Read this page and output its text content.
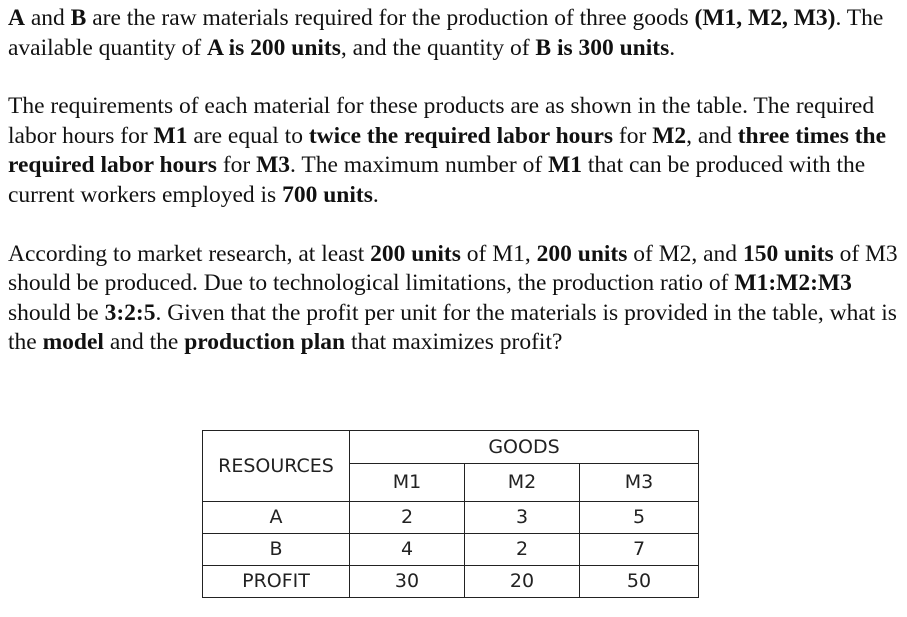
A and B are the raw materials required for the production of three goods (M1, M2, M3). The available quantity of A is 200 units, and the quantity of B is 300 units.

The requirements of each material for these products are as shown in the table. The required labor hours for M1 are equal to twice the required labor hours for M2, and three times the required labor hours for M3. The maximum number of M1 that can be produced with the current workers employed is 700 units.

According to market research, at least 200 units of M1, 200 units of M2, and 150 units of M3 should be produced. Due to technological limitations, the production ratio of M1:M2:M3 should be 3:2:5. Given that the profit per unit for the materials is provided in the table, what is the model and the production plan that maximizes profit?

RESOURCES	GOODS		
	M1	M2	M3
A	2	3	5
B	4	2	7
PROFIT	30	20	50
